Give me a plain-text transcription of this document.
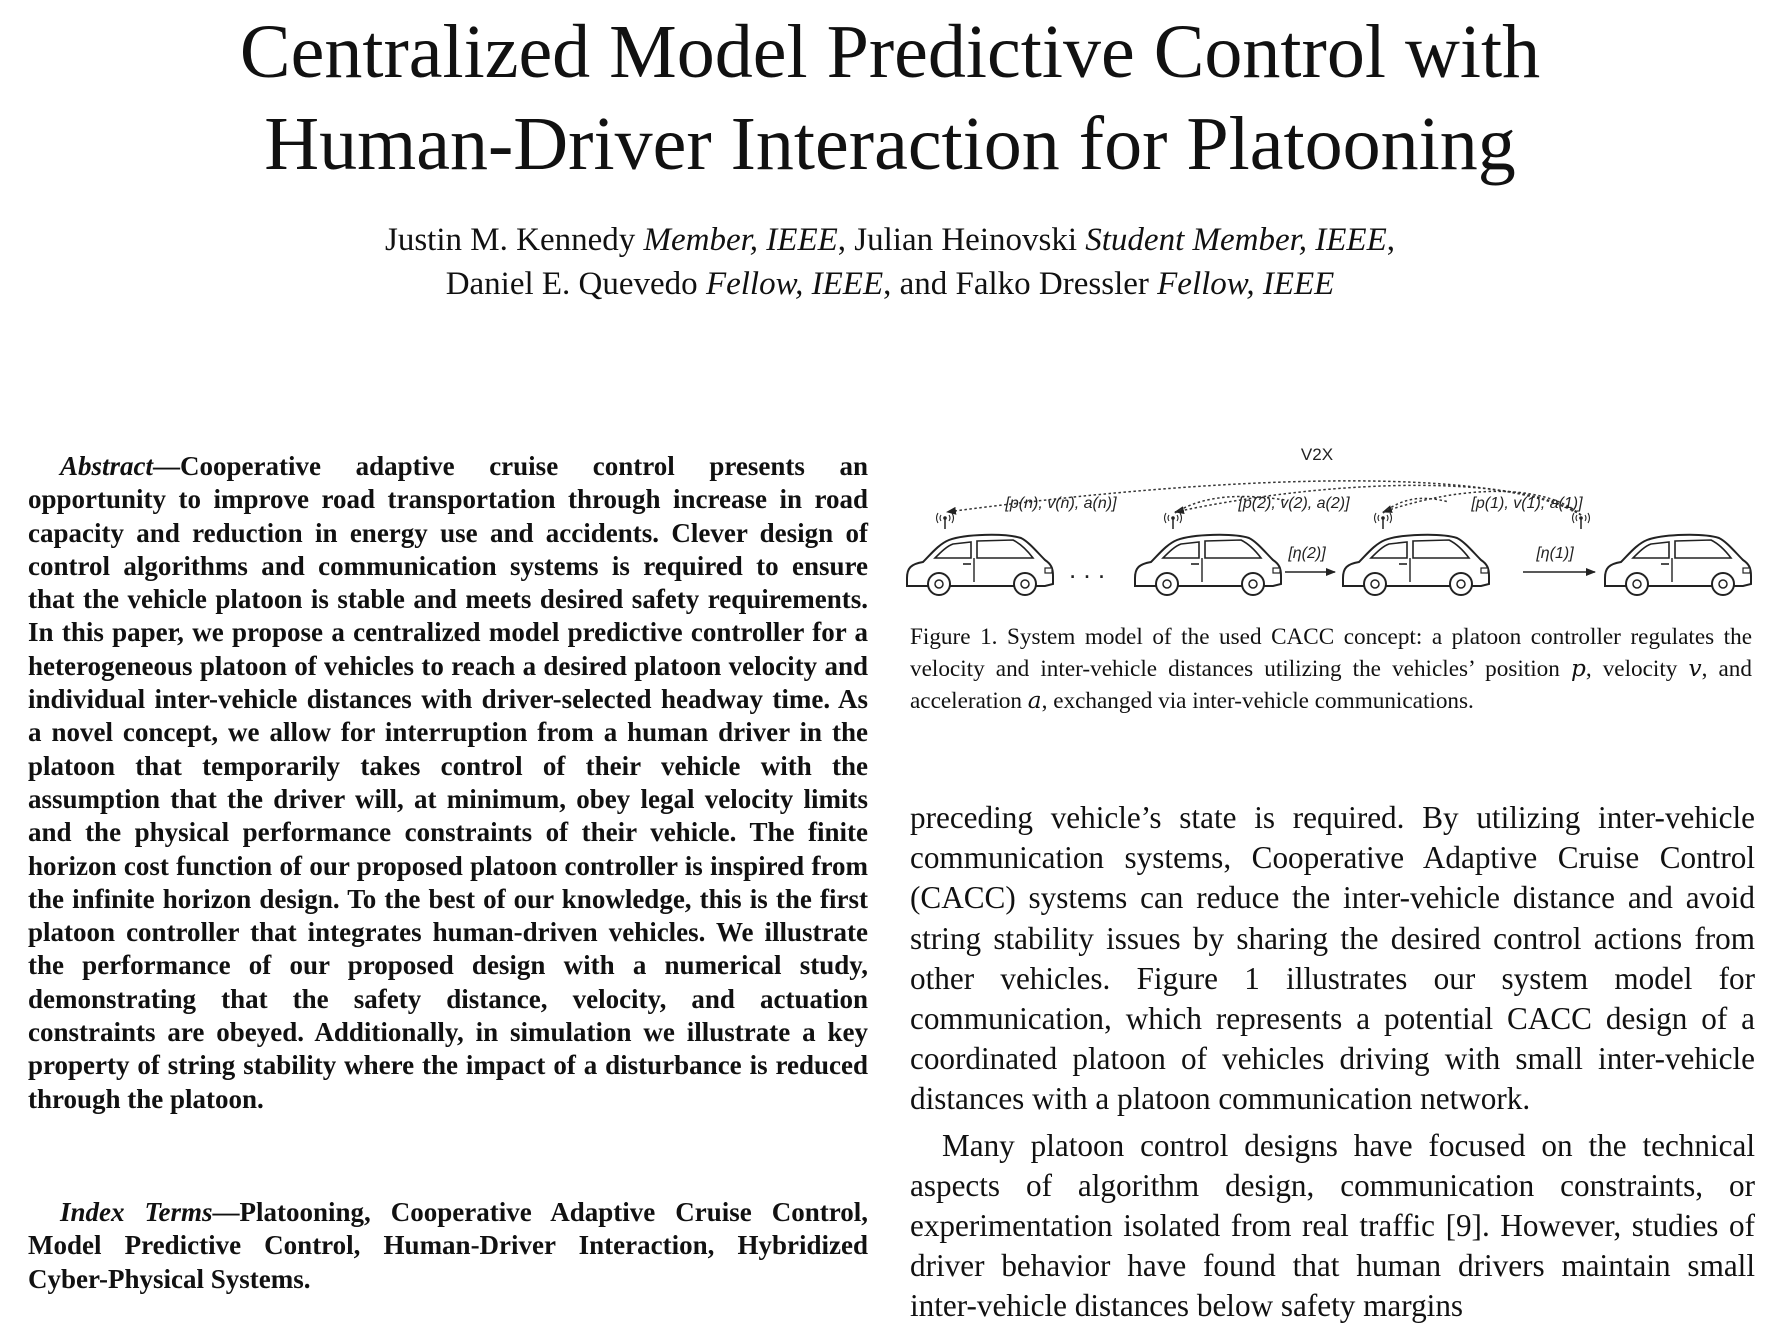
Centralized Model Predictive Control with
Human-Driver Interaction for Platooning
Justin M. Kennedy Member, IEEE, Julian Heinovski Student Member, IEEE,
Daniel E. Quevedo Fellow, IEEE, and Falko Dressler Fellow, IEEE

Abstract—Cooperative adaptive cruise control presents an opportunity to improve road transportation through increase in road capacity and reduction in energy use and accidents. Clever design of control algorithms and communication systems is required to ensure that the vehicle platoon is stable and meets desired safety requirements. In this paper, we propose a centralized model predictive controller for a heterogeneous platoon of vehicles to reach a desired platoon velocity and individual inter-vehicle distances with driver-selected headway time. As a novel concept, we allow for interruption from a human driver in the platoon that temporarily takes control of their vehicle with the assumption that the driver will, at minimum, obey legal velocity limits and the physical performance constraints of their vehicle. The finite horizon cost function of our proposed platoon controller is inspired from the infinite horizon design. To the best of our knowledge, this is the first platoon controller that integrates human-driven vehicles. We illustrate the performance of our proposed design with a numerical study, demonstrating that the safety distance, velocity, and actuation constraints are obeyed. Additionally, in simulation we illustrate a key property of string stability where the impact of a disturbance is reduced through the platoon.

Index Terms—Platooning, Cooperative Adaptive Cruise Control, Model Predictive Control, Human-Driver Interaction, Hybridized Cyber-Physical Systems.

V2X
[p(n), v(n), a(n)]	[p(2), v(2), a(2)]	[p(1), v(1), a(1)]
. . .
[η(2)]	[η(1)]
Figure 1. System model of the used CACC concept: a platoon controller regulates the velocity and inter-vehicle distances utilizing the vehicles’ position p, velocity v, and acceleration a, exchanged via inter-vehicle communications.

preceding vehicle’s state is required. By utilizing inter-vehicle communication systems, Cooperative Adaptive Cruise Control (CACC) systems can reduce the inter-vehicle distance and avoid string stability issues by sharing the desired control actions from other vehicles. Figure 1 illustrates our system model for communication, which represents a potential CACC design of a coordinated platoon of vehicles driving with small inter-vehicle distances with a platoon communication network.

Many platoon control designs have focused on the technical aspects of algorithm design, communication constraints, or experimentation isolated from real traffic [9]. However, studies of driver behavior have found that human drivers maintain small inter-vehicle distances below safety margins
